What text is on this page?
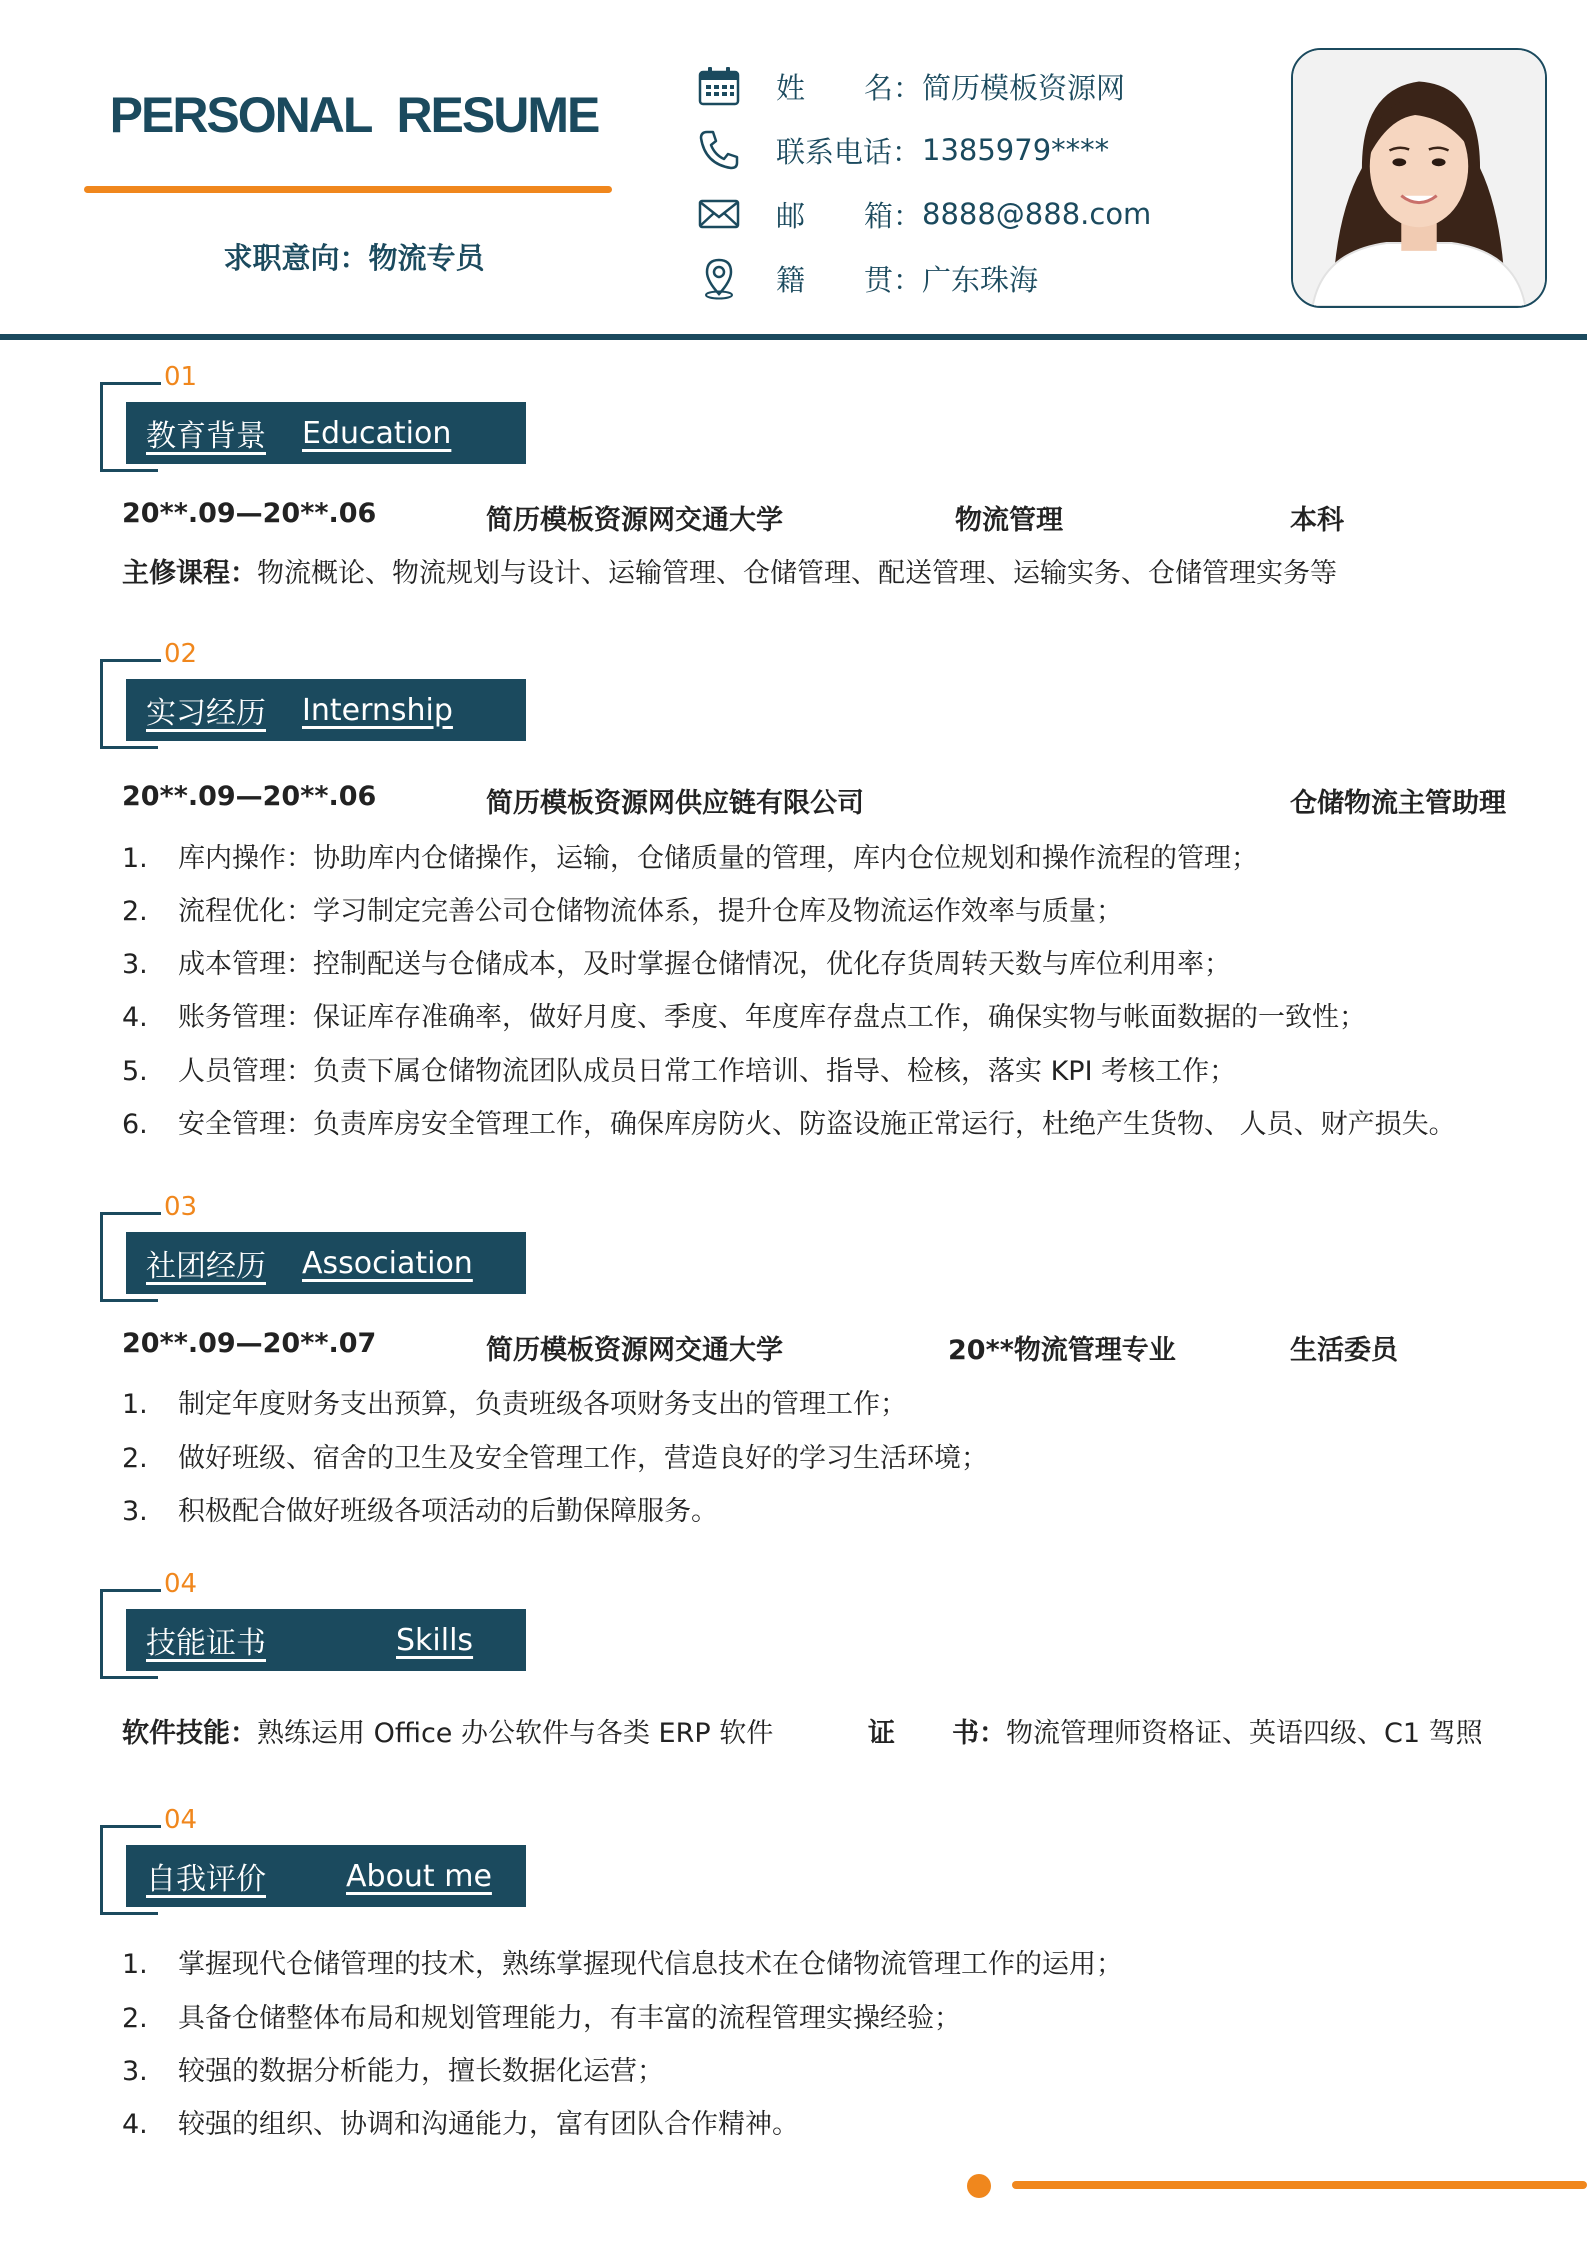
PERSONAL RESUME
求职意向：物流专员
姓 名： 简历模板资源网
联系电话： 1385979****
邮 箱： 8888@888.com
籍 贯： 广东珠海
01
教育背景 Education
20**.09—20**.06	简历模板资源网交通大学	物流管理	本科
主修课程：物流概论、物流规划与设计、运输管理、仓储管理、配送管理、运输实务、仓储管理实务等
02
实习经历 Internship
20**.09—20**.06	简历模板资源网供应链有限公司	仓储物流主管助理
1. 库内操作：协助库内仓储操作，运输，仓储质量的管理，库内仓位规划和操作流程的管理；
2. 流程优化：学习制定完善公司仓储物流体系，提升仓库及物流运作效率与质量；
3. 成本管理：控制配送与仓储成本，及时掌握仓储情况，优化存货周转天数与库位利用率；
4. 账务管理：保证库存准确率，做好月度、季度、年度库存盘点工作，确保实物与帐面数据的一致性；
5. 人员管理：负责下属仓储物流团队成员日常工作培训、指导、检核，落实 KPI 考核工作；
6. 安全管理：负责库房安全管理工作，确保库房防火、防盗设施正常运行，杜绝产生货物、 人员、财产损失。
03
社团经历 Association
20**.09—20**.07	简历模板资源网交通大学	20**物流管理专业	生活委员
1. 制定年度财务支出预算，负责班级各项财务支出的管理工作；
2. 做好班级、宿舍的卫生及安全管理工作，营造良好的学习生活环境；
3. 积极配合做好班级各项活动的后勤保障服务。
04
技能证书	Skills
软件技能：熟练运用 Office 办公软件与各类 ERP 软件	证 书：物流管理师资格证、英语四级、C1 驾照
04
自我评价	About me
1. 掌握现代仓储管理的技术，熟练掌握现代信息技术在仓储物流管理工作的运用；
2. 具备仓储整体布局和规划管理能力，有丰富的流程管理实操经验；
3. 较强的数据分析能力，擅长数据化运营；
4. 较强的组织、协调和沟通能力，富有团队合作精神。
